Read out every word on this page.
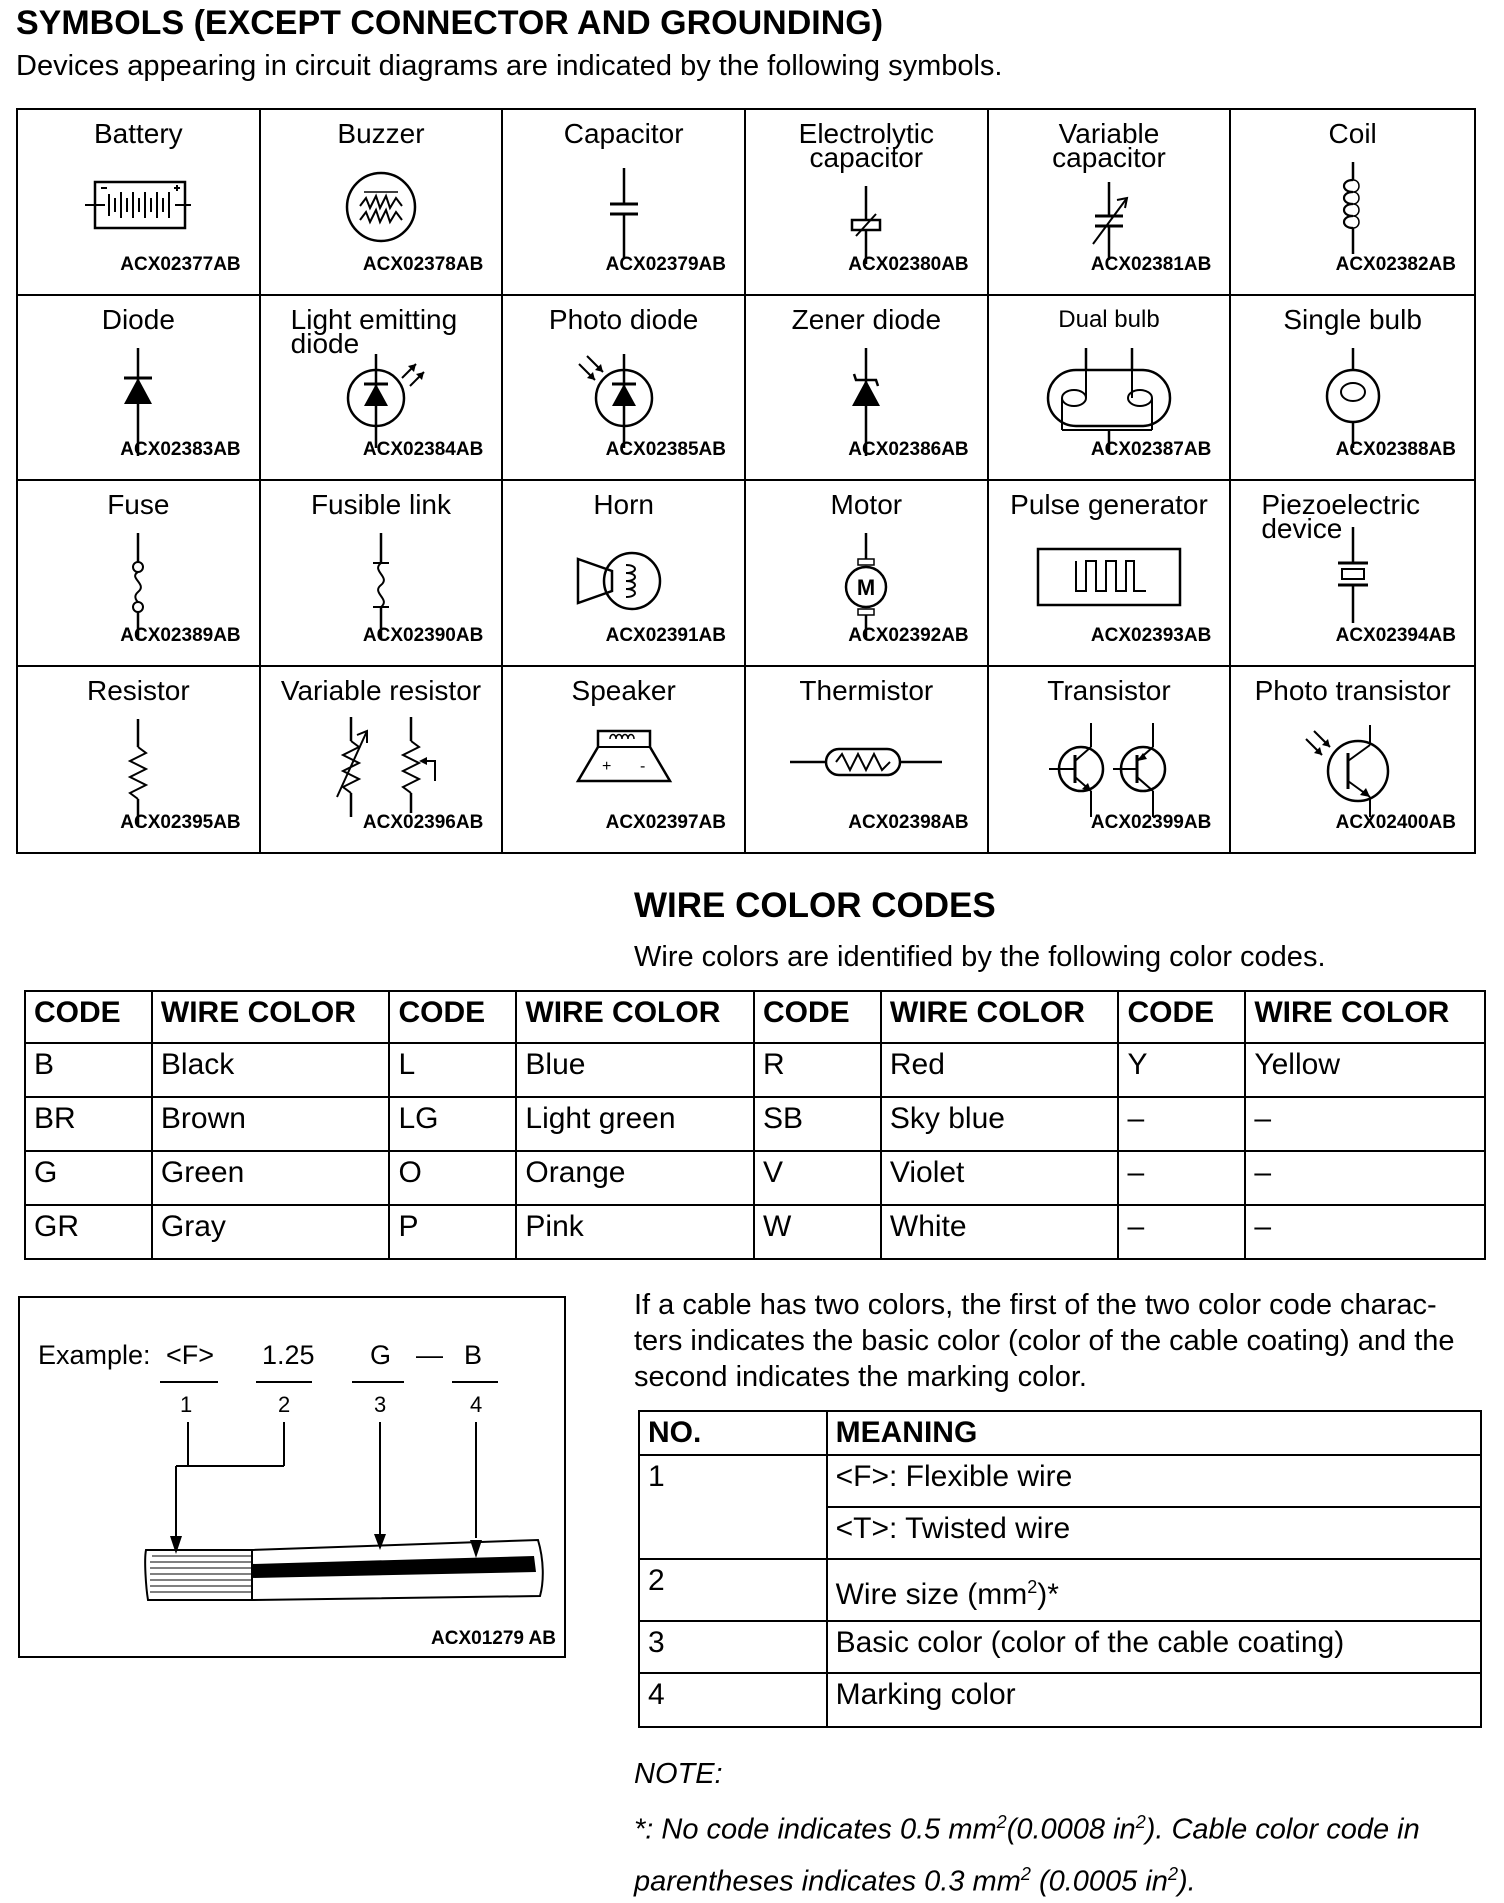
SYMBOLS (EXCEPT CONNECTOR AND GROUNDING)
Devices appearing in circuit diagrams are indicated by the following symbols.
Battery
ACX02377AB
Buzzer
ACX02378AB
Capacitor
ACX02379AB
Electrolytic
capacitor
ACX02380AB
Variable
capacitor
ACX02381AB
Coil
ACX02382AB
Diode
ACX02383AB
Light emitting
diode
ACX02384AB
Photo diode
ACX02385AB
Zener diode
ACX02386AB
Dual bulb
ACX02387AB
Single bulb
ACX02388AB
Fuse
ACX02389AB
Fusible link
ACX02390AB
Horn
ACX02391AB
Motor
M
ACX02392AB
Pulse generator
ACX02393AB
Piezoelectric
device
ACX02394AB
Resistor
ACX02395AB
Variable resistor
ACX02396AB
Speaker
+ -
ACX02397AB
Thermistor
ACX02398AB
Transistor
ACX02399AB
Photo transistor
ACX02400AB
WIRE COLOR CODES
Wire colors are identified by the following color codes.
CODE	WIRE COLOR	CODE	WIRE COLOR	CODE	WIRE COLOR	CODE	WIRE COLOR
B	Black	L	Blue	R	Red	Y	Yellow
BR	Brown	LG	Light green	SB	Sky blue	–	–
G	Green	O	Orange	V	Violet	–	–
GR	Gray	P	Pink	W	White	–	–
Example: <F> 1.25 G — B
1	2	3	4
ACX01279 AB
If a cable has two colors, the first of the two color code charac-ters indicates the basic color (color of the cable coating) and the second indicates the marking color.
NO.	MEANING
1	<F>: Flexible wire
	<T>: Twisted wire
2	Wire size $(mm^2)*$
3	Basic color (color of the cable coating)
4	Marking color
NOTE:
*: No code indicates 0.5 $mm^2(0.0008$ $in^2$). Cable color code in parentheses indicates 0.3 $mm^2$ (0.0005 $in^2$).
